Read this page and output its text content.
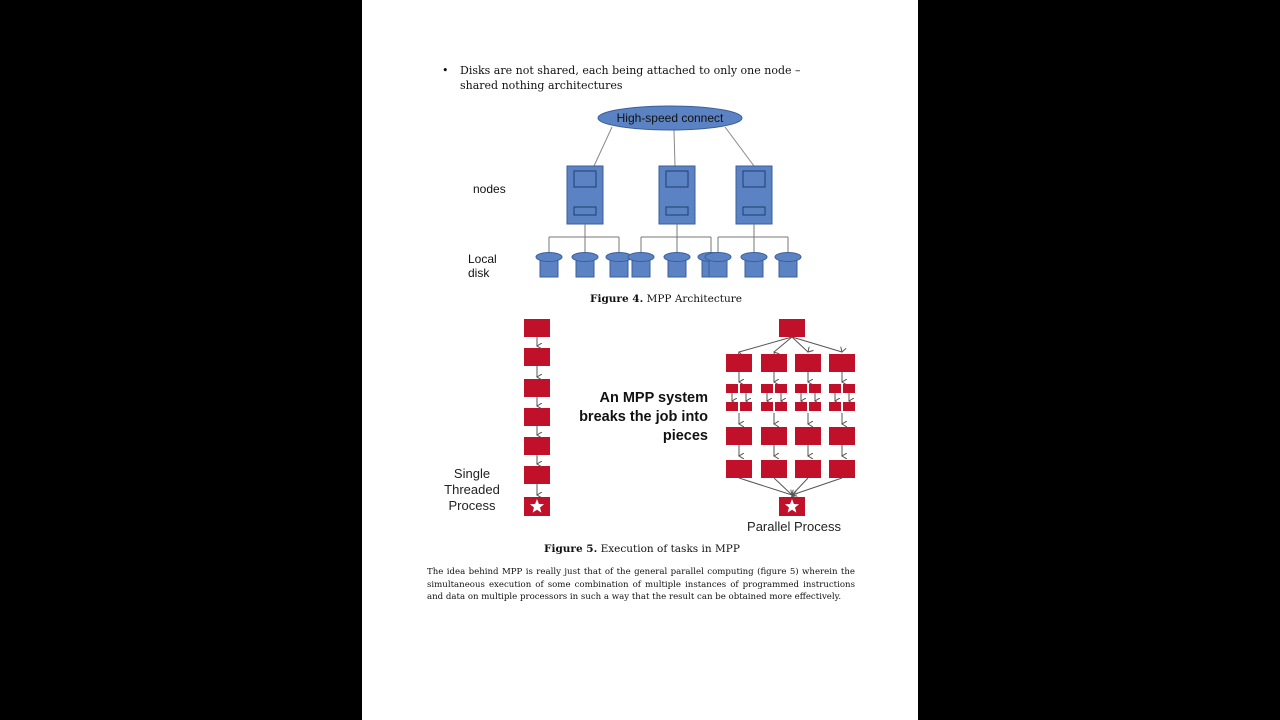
• Disks are not shared, each being attached to only one node – shared nothing architectures
High-speed connect
nodes
Local
disk
Figure 4. MPP Architecture
Single
Threaded
Process
An MPP system
breaks the job into
pieces
Parallel Process
Figure 5. Execution of tasks in MPP
The idea behind MPP is really just that of the general parallel computing (figure 5) wherein the simultaneous execution of some combination of multiple instances of programmed instructions and data on multiple processors in such a way that the result can be obtained more effectively.
